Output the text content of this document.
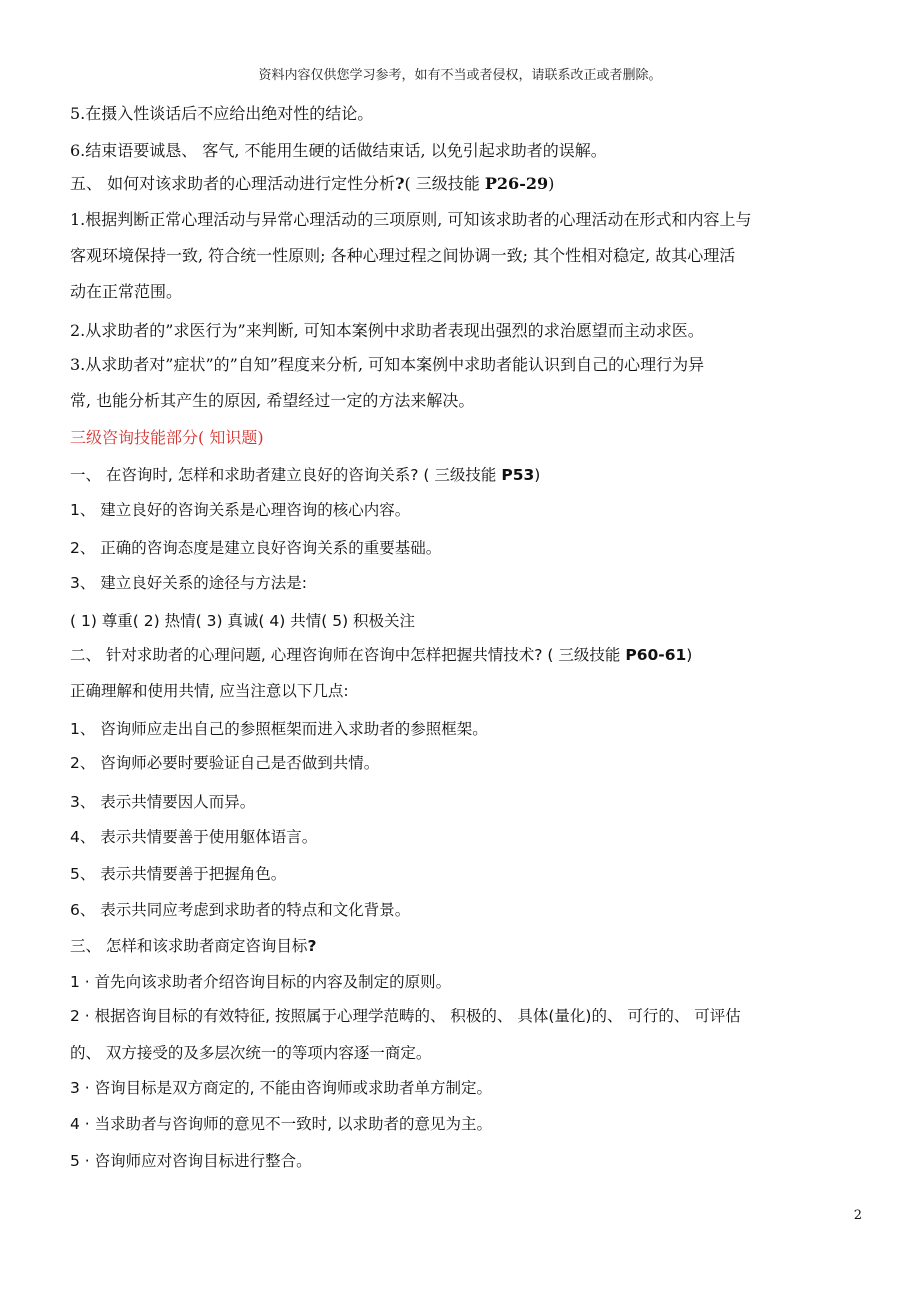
资料内容仅供您学习参考，如有不当或者侵权，请联系改正或者删除。
5.在摄入性谈话后不应给出绝对性的结论。
6.结束语要诚恳、 客气, 不能用生硬的话做结束话, 以免引起求助者的误解。
五、 如何对该求助者的心理活动进行定性分析?( 三级技能 P26-29)
1.根据判断正常心理活动与异常心理活动的三项原则, 可知该求助者的心理活动在形式和内容上与
客观环境保持一致, 符合统一性原则; 各种心理过程之间协调一致; 其个性相对稳定, 故其心理活
动在正常范围。
2.从求助者的”求医行为”来判断, 可知本案例中求助者表现出强烈的求治愿望而主动求医。
3.从求助者对”症状”的”自知”程度来分析, 可知本案例中求助者能认识到自己的心理行为异
常, 也能分析其产生的原因, 希望经过一定的方法来解决。
三级咨询技能部分( 知识题)
一、 在咨询时, 怎样和求助者建立良好的咨询关系? ( 三级技能 P53)
1、 建立良好的咨询关系是心理咨询的核心内容。
2、 正确的咨询态度是建立良好咨询关系的重要基础。
3、 建立良好关系的途径与方法是:
( 1) 尊重( 2) 热情( 3) 真诚( 4) 共情( 5) 积极关注
二、 针对求助者的心理问题, 心理咨询师在咨询中怎样把握共情技术? ( 三级技能 P60-61)
正确理解和使用共情, 应当注意以下几点:
1、 咨询师应走出自己的参照框架而进入求助者的参照框架。
2、 咨询师必要时要验证自己是否做到共情。
3、 表示共情要因人而异。
4、 表示共情要善于使用躯体语言。
5、 表示共情要善于把握角色。
6、 表示共同应考虑到求助者的特点和文化背景。
三、 怎样和该求助者商定咨询目标?
1 · 首先向该求助者介绍咨询目标的内容及制定的原则。
2 · 根据咨询目标的有效特征, 按照属于心理学范畴的、 积极的、 具体(量化)的、 可行的、 可评估
的、 双方接受的及多层次统一的等项内容逐一商定。
3 · 咨询目标是双方商定的, 不能由咨询师或求助者单方制定。
4 · 当求助者与咨询师的意见不一致时, 以求助者的意见为主。
5 · 咨询师应对咨询目标进行整合。
2
